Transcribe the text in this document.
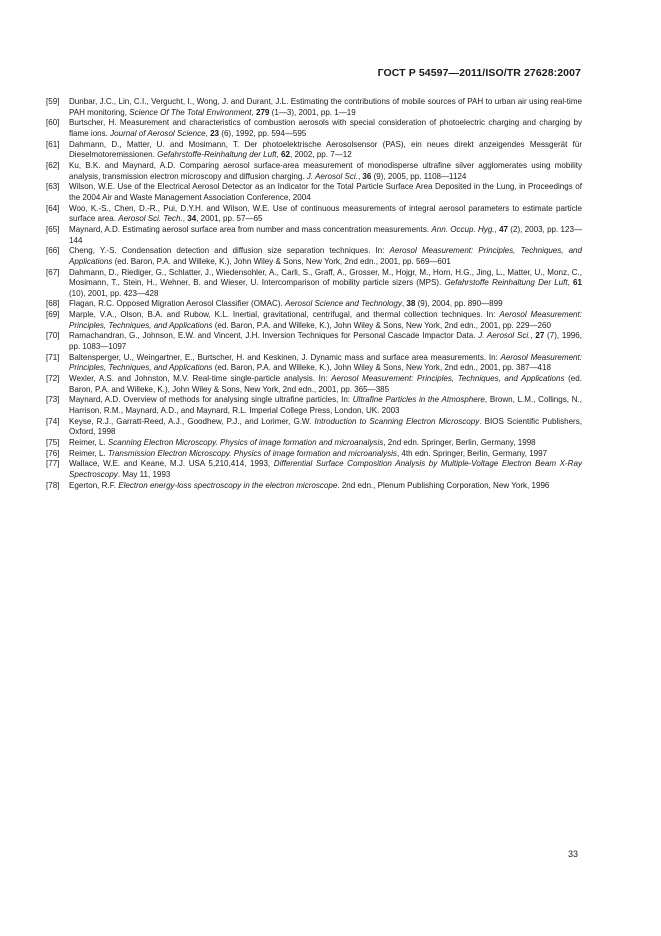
ГОСТ Р 54597—2011/ISO/TR 27628:2007
[59]	Dunbar, J.C., Lin, C.I., Vergucht, I., Wong, J. and Durant, J.L. Estimating the contributions of mobile sources of PAH to urban air using real-time PAH monitoring, Science Of The Total Environment, 279 (1—3), 2001, pp. 1—19
[60]	Burtscher, H. Measurement and characteristics of combustion aerosols with special consideration of photoelectric charging and charging by flame ions. Journal of Aerosol Science, 23 (6), 1992, pp. 594—595
[61]	Dahmann, D., Matter, U. and Mosimann, T. Der photoelektrische Aerosolsensor (PAS), ein neues direkt anzeigendes Messgerät für Dieselmotoremissionen. Gefahrstoffe-Reinhaltung der Luft, 62, 2002, pp. 7—12
[62]	Ku, B.K. and Maynard, A.D. Comparing aerosol surface-area measurement of monodisperse ultrafine silver agglomerates using mobility analysis, transmission electron microscopy and diffusion charging. J. Aerosol Sci., 36 (9), 2005, pp. 1108—1124
[63]	Wilson, W.E. Use of the Electrical Aerosol Detector as an Indicator for the Total Particle Surface Area Deposited in the Lung, in Proceedings of the 2004 Air and Waste Management Association Conference, 2004
[64]	Woo, K.-S., Chen, D.-R., Pui, D.Y.H. and Wilson, W.E. Use of continuous measurements of integral aerosol parameters to estimate particle surface area. Aerosol Sci. Tech., 34, 2001, pp. 57—65
[65]	Maynard, A.D. Estimating aerosol surface area from number and mass concentration measurements. Ann. Occup. Hyg., 47 (2), 2003, pp. 123—144
[66]	Cheng, Y.-S. Condensation detection and diffusion size separation techniques. In: Aerosol Measurement: Principles, Techniques, and Applications (ed. Baron, P.A. and Willeke, K.), John Wiley & Sons, New York, 2nd edn., 2001, pp. 569—601
[67]	Dahmann, D., Riediger, G., Schlatter, J., Wiedensohler, A., Carli, S., Graff, A., Grosser, M., Hojgr, M., Horn, H.G., Jing, L., Matter, U., Monz, C., Mosimann, T., Stein, H., Wehner, B. and Wieser, U. Intercomparison of mobility particle sizers (MPS). Gefahrstoffe Reinhaltung Der Luft, 61 (10), 2001, pp. 423—428
[68]	Flagan, R.C. Opposed Migration Aerosol Classifier (OMAC). Aerosol Science and Technology, 38 (9), 2004, pp. 890—899
[69]	Marple, V.A., Olson, B.A. and Rubow, K.L. Inertial, gravitational, centrifugal, and thermal collection techniques. In: Aerosol Measurement: Principles, Techniques, and Applications (ed. Baron, P.A. and Willeke, K.), John Wiley & Sons, New York, 2nd edn., 2001, pp. 229—260
[70]	Ramachandran, G., Johnson, E.W. and Vincent, J.H. Inversion Techniques for Personal Cascade Impactor Data. J. Aerosol Sci., 27 (7), 1996, pp. 1083—1097
[71]	Baltensperger, U., Weingartner, E., Burtscher, H. and Keskinen, J. Dynamic mass and surface area measurements. In: Aerosol Measurement: Principles, Techniques, and Applications (ed. Baron, P.A. and Willeke, K.), John Wiley & Sons, New York, 2nd edn., 2001, pp. 387—418
[72]	Wexler, A.S. and Johnston, M.V. Real-time single-particle analysis. In: Aerosol Measurement: Principles, Techniques, and Applications (ed. Baron, P.A. and Willeke, K.), John Wiley & Sons, New York, 2nd edn., 2001, pp. 365—385
[73]	Maynard, A.D. Overview of methods for analysing single ultrafine particles, In: Ultrafine Particles in the Atmosphere, Brown, L.M., Collings, N., Harrison, R.M., Maynard, A.D., and Maynard, R.L. Imperial College Press, London, UK. 2003
[74]	Keyse, R.J., Garratt-Reed, A.J., Goodhew, P.J., and Lorimer, G.W. Introduction to Scanning Electron Microscopy. BIOS Scientific Publishers, Oxford, 1998
[75]	Reimer, L. Scanning Electron Microscopy. Physics of image formation and microanalysis, 2nd edn. Springer, Berlin, Germany, 1998
[76]	Reimer, L. Transmission Electron Microscopy. Physics of image formation and microanalysis, 4th edn. Springer, Berlin, Germany, 1997
[77]	Wallace, W.E. and Keane, M.J. USA 5,210,414, 1993, Differential Surface Composition Analysis by Multiple-Voltage Electron Beam X-Ray Spectroscopy. May 11, 1993
[78]	Egerton, R.F. Electron energy-loss spectroscopy in the electron microscope. 2nd edn., Plenum Publishing Corporation, New York, 1996
33
